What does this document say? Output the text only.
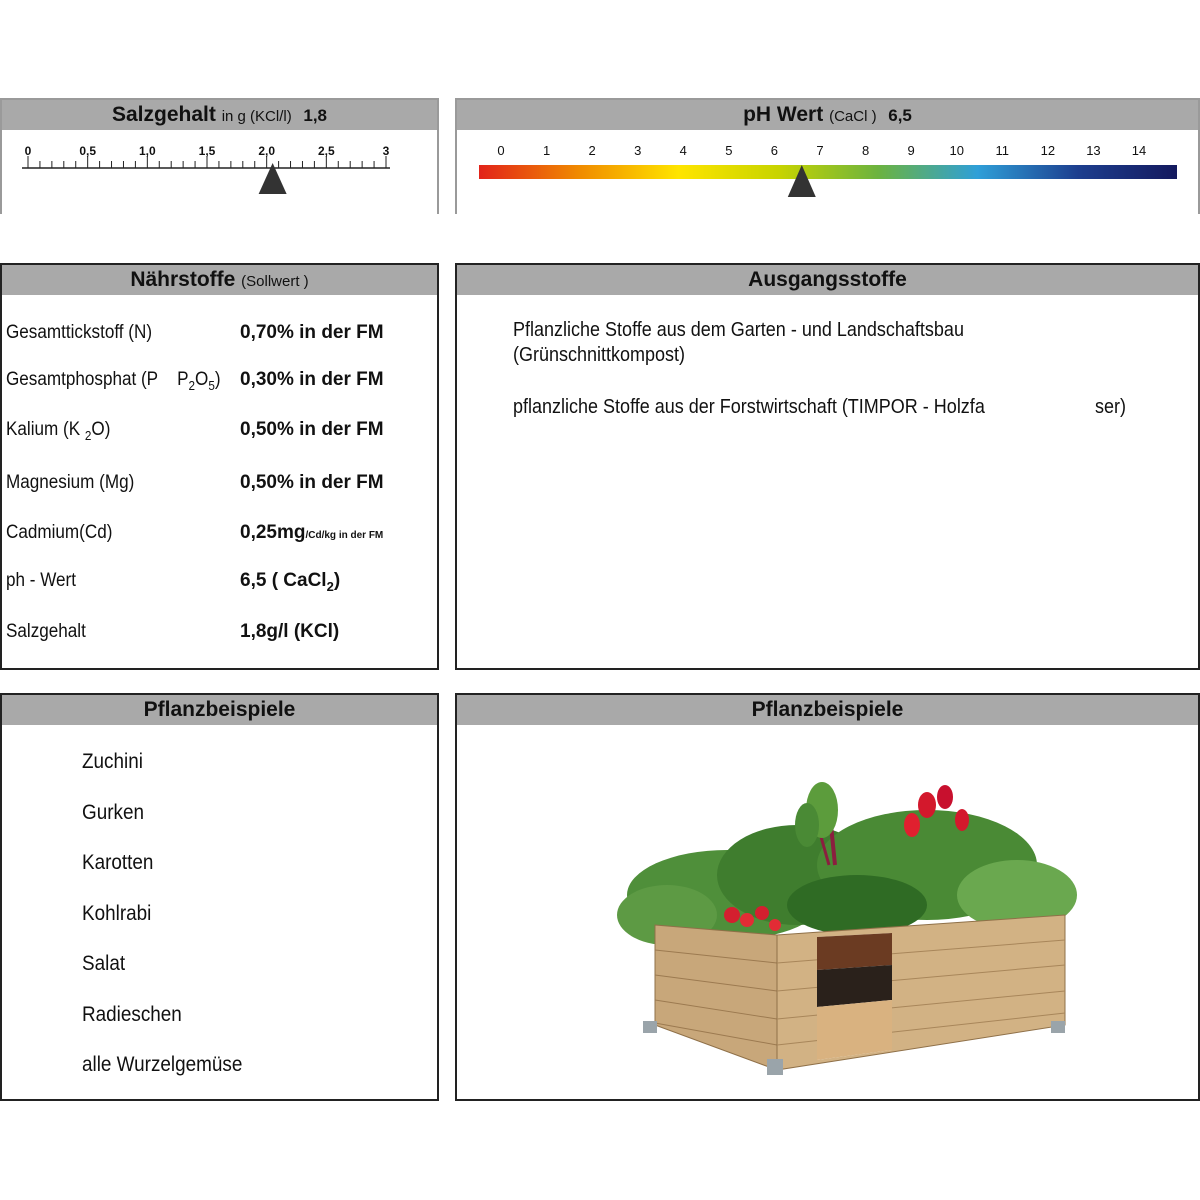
Salzgehalt in g (KCl/l) 1,8
0	0,5	1,0	1,5	2,0	2,5	3
pH Wert (CaCl ) 6,5
0	1	2	3	4	5	6	7	8	9	10 11 12 13 14
Nährstoffe (Sollwert )
Gesamttickstoff (N)	0,70% in der FM
Gesamtphosphat (P $P_2O_5$) 0,30% in der FM
Kalium (K $_2$O)	0,50% in der FM
Magnesium (Mg)	0,50% in der FM
Cadmium(Cd)	0,25mg/Cd/kg in der FM
ph - Wert	6,5 ( CaCl$_2$)
Salzgehalt	1,8g/l (KCl)
Ausgangsstoffe
Pflanzliche Stoffe aus dem Garten - und Landschaftsbau
(Grünschnittkompost)
pflanzliche Stoffe aus der Forstwirtschaft (TIMPOR - Holzfa	ser)
Pflanzbeispiele
Zuchini
Gurken
Karotten
Kohlrabi
Salat
Radieschen
alle Wurzelgemüse
Pflanzbeispiele
